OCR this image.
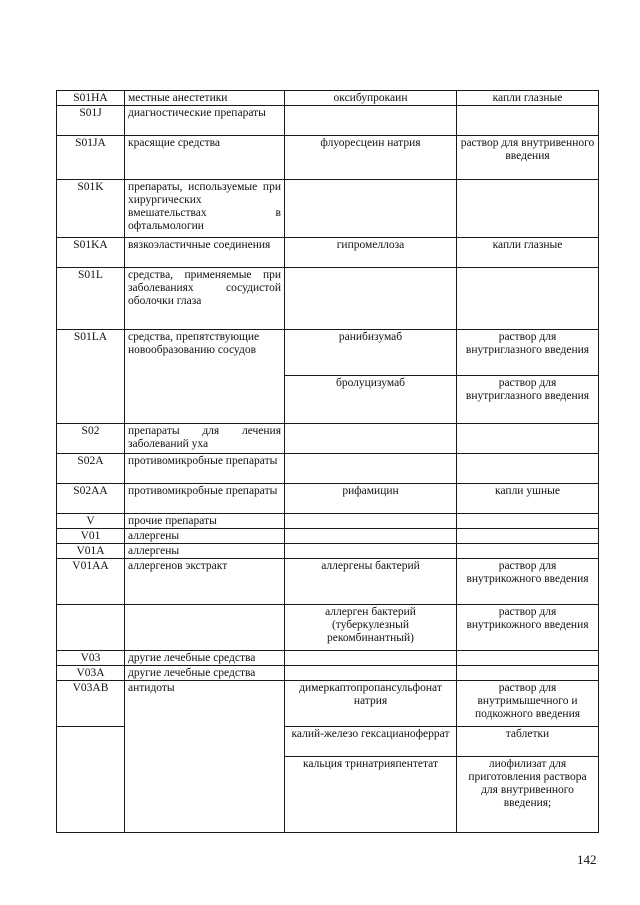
S01HA	местные анестетики	оксибупрокаин	капли глазные
S01J	диагностические препараты		
S01JA	красящие средства	флуоресцеин натрия	раствор для внутривенного введения
S01K	препараты, используемые при хирургических вмешательствах в офтальмологии		
S01KA	вязкоэластичные соединения	гипромеллоза	капли глазные
S01L	средства, применяемые при заболеваниях сосудистой оболочки глаза		
S01LA	средства, препятствующие новообразованию сосудов	ранибизумаб	раствор для внутриглазного введения
		бролуцизумаб	раствор для внутриглазного введения
S02	препараты для лечения заболеваний уха		
S02A	противомикробные препараты		
S02AA	противомикробные препараты	рифамицин	капли ушные
V	прочие препараты		
V01	аллергены		
V01A	аллергены		
V01AA	аллергенов экстракт	аллергены бактерий	раствор для внутрикожного введения
		аллерген бактерий (туберкулезный рекомбинантный)	раствор для внутрикожного введения
V03	другие лечебные средства		
V03A	другие лечебные средства		
V03AB	антидоты	димеркаптопропансульфонат натрия	раствор для внутримышечного и подкожного введения
		калий-железо гексацианоферрат	таблетки
		кальция тринатрияпентетат	лиофилизат для приготовления раствора для внутривенного введения;
142
